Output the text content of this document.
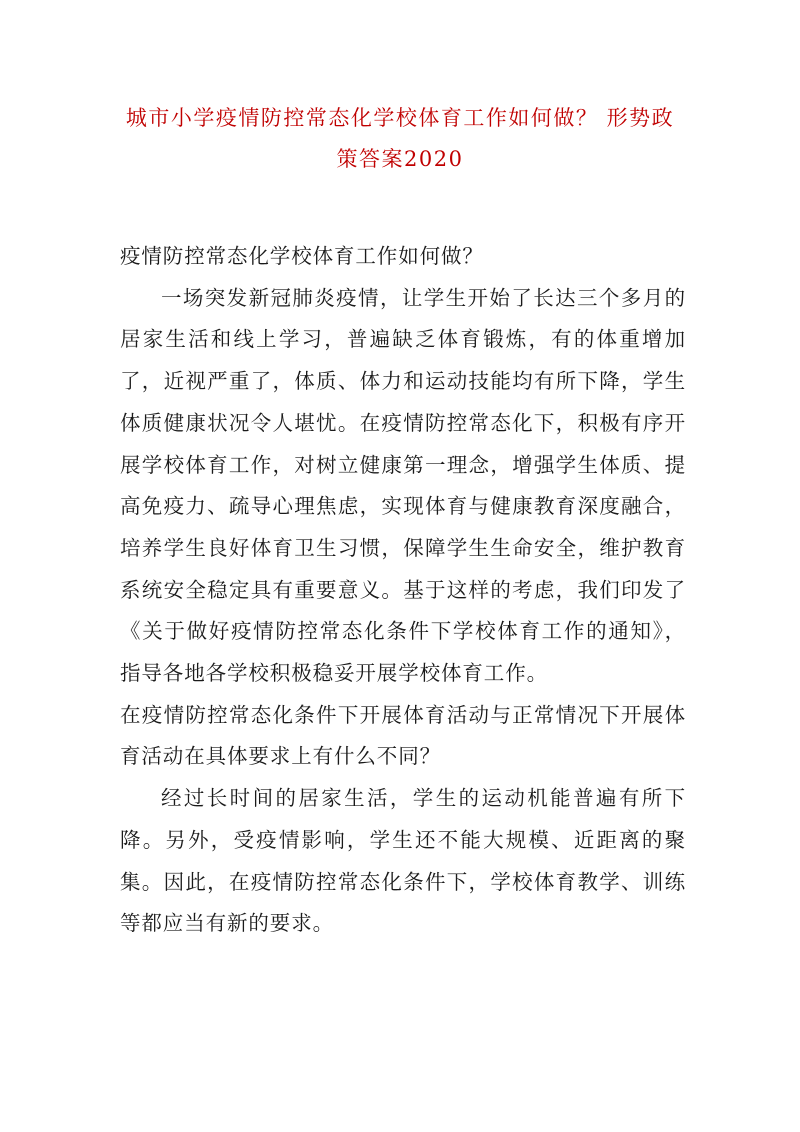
城市小学疫情防控常态化学校体育工作如何做？ 形势政策答案2020

疫情防控常态化学校体育工作如何做？

一场突发新冠肺炎疫情，让学生开始了长达三个多月的居家生活和线上学习，普遍缺乏体育锻炼，有的体重增加了，近视严重了，体质、体力和运动技能均有所下降，学生体质健康状况令人堪忧。在疫情防控常态化下，积极有序开展学校体育工作，对树立健康第一理念，增强学生体质、提高免疫力、疏导心理焦虑，实现体育与健康教育深度融合，培养学生良好体育卫生习惯，保障学生生命安全，维护教育系统安全稳定具有重要意义。基于这样的考虑，我们印发了《关于做好疫情防控常态化条件下学校体育工作的通知》，指导各地各学校积极稳妥开展学校体育工作。

在疫情防控常态化条件下开展体育活动与正常情况下开展体育活动在具体要求上有什么不同？

经过长时间的居家生活，学生的运动机能普遍有所下降。另外，受疫情影响，学生还不能大规模、近距离的聚集。因此，在疫情防控常态化条件下，学校体育教学、训练等都应当有新的要求。
